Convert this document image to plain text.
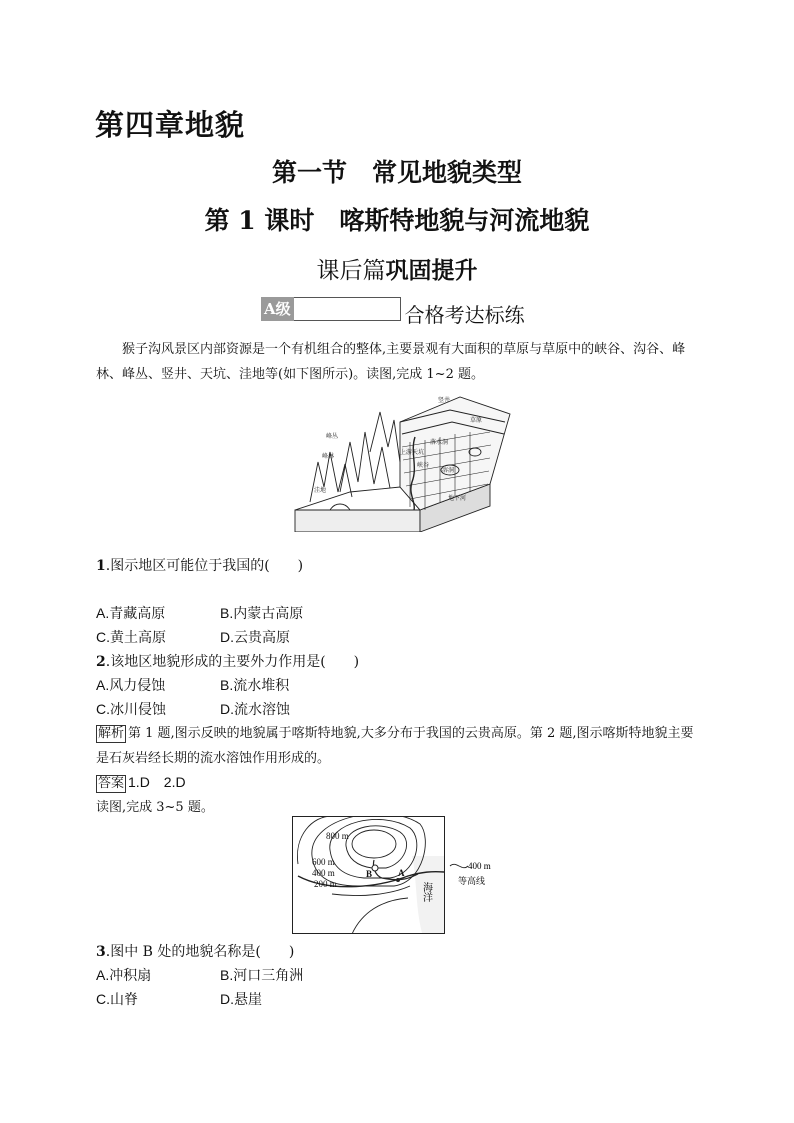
第四章地貌
第一节　常见地貌类型
第 1 课时　喀斯特地貌与河流地貌
课后篇巩固提升
A级	合格考达标练
猴子沟风景区内部资源是一个有机组合的整体,主要景观有大面积的草原与草原中的峡谷、沟谷、峰林、峰丛、竖井、天坑、洼地等(如下图所示)。读图,完成 1~2 题。
峰丛
峰林
洼地
溶洞
草原
竖井
落水洞
上游天坑
峡谷
地下河
1.图示地区可能位于我国的(　　)
A.青藏高原	B.内蒙古高原
C.黄土高原	D.云贵高原
2.该地区地貌形成的主要外力作用是(　　)
A.风力侵蚀	B.流水堆积
C.冰川侵蚀	D.流水溶蚀
解析 第 1 题,图示反映的地貌属于喀斯特地貌,大多分布于我国的云贵高原。第 2 题,图示喀斯特地貌主要是石灰岩经长期的流水溶蚀作用形成的。
答案 1.D　2.D
读图,完成 3~5 题。
800 m
600 m
400 m
200 m
B	A
海洋
400 m
等高线
3.图中 B 处的地貌名称是(　　)
A.冲积扇	B.河口三角洲
C.山脊	D.悬崖
